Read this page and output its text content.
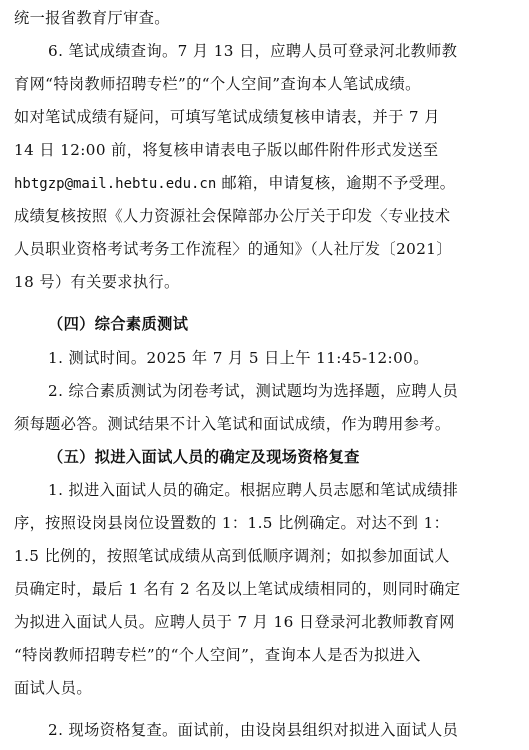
统一报省教育厅审查。
6. 笔试成绩查询。7 月 13 日，应聘人员可登录河北教师教
育网“特岗教师招聘专栏”的“个人空间”查询本人笔试成绩。
如对笔试成绩有疑问，可填写笔试成绩复核申请表，并于 7 月
14 日 12:00 前，将复核申请表电子版以邮件附件形式发送至
hbtgzp@mail.hebtu.edu.cn 邮箱，申请复核，逾期不予受理。
成绩复核按照《人力资源社会保障部办公厅关于印发〈专业技术
人员职业资格考试考务工作流程〉的通知》（人社厅发〔2021〕
18 号）有关要求执行。
（四）综合素质测试
1. 测试时间。2025 年 7 月 5 日上午 11:45-12:00。
2. 综合素质测试为闭卷考试，测试题均为选择题，应聘人员
须每题必答。测试结果不计入笔试和面试成绩，作为聘用参考。
（五）拟进入面试人员的确定及现场资格复查
1. 拟进入面试人员的确定。根据应聘人员志愿和笔试成绩排
序，按照设岗县岗位设置数的 1：1.5 比例确定。对达不到 1：
1.5 比例的，按照笔试成绩从高到低顺序调剂；如拟参加面试人
员确定时，最后 1 名有 2 名及以上笔试成绩相同的，则同时确定
为拟进入面试人员。应聘人员于 7 月 16 日登录河北教师教育网
“特岗教师招聘专栏”的“个人空间”，查询本人是否为拟进入
面试人员。
2. 现场资格复查。面试前，由设岗县组织对拟进入面试人员
